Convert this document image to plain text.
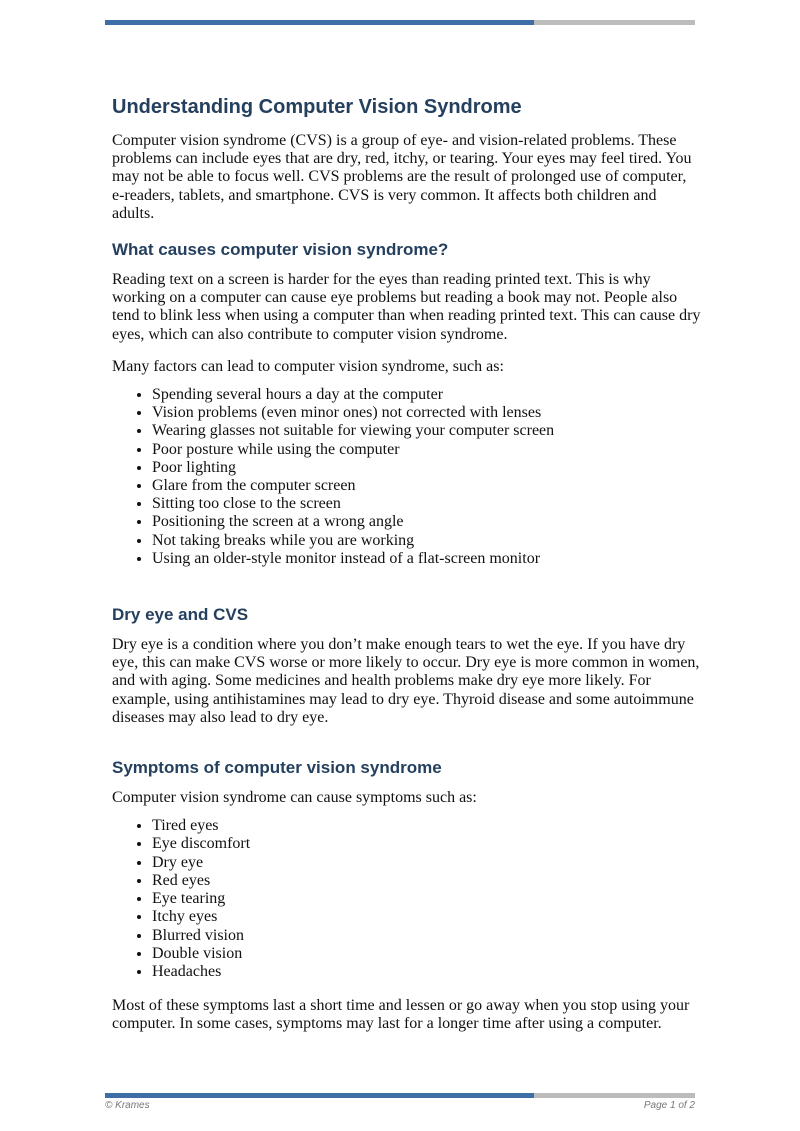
Understanding Computer Vision Syndrome

Computer vision syndrome (CVS) is a group of eye- and vision-related problems. These problems can include eyes that are dry, red, itchy, or tearing. Your eyes may feel tired. You may not be able to focus well. CVS problems are the result of prolonged use of computer, e-readers, tablets, and smartphone. CVS is very common. It affects both children and adults.

What causes computer vision syndrome?

Reading text on a screen is harder for the eyes than reading printed text. This is why working on a computer can cause eye problems but reading a book may not. People also tend to blink less when using a computer than when reading printed text. This can cause dry eyes, which can also contribute to computer vision syndrome.

Many factors can lead to computer vision syndrome, such as:

• Spending several hours a day at the computer
• Vision problems (even minor ones) not corrected with lenses
• Wearing glasses not suitable for viewing your computer screen
• Poor posture while using the computer
• Poor lighting
• Glare from the computer screen
• Sitting too close to the screen
• Positioning the screen at a wrong angle
• Not taking breaks while you are working
• Using an older-style monitor instead of a flat-screen monitor
Dry eye and CVS

Dry eye is a condition where you don’t make enough tears to wet the eye. If you have dry eye, this can make CVS worse or more likely to occur. Dry eye is more common in women, and with aging. Some medicines and health problems make dry eye more likely. For example, using antihistamines may lead to dry eye. Thyroid disease and some autoimmune diseases may also lead to dry eye.

Symptoms of computer vision syndrome

Computer vision syndrome can cause symptoms such as:

• Tired eyes
• Eye discomfort
• Dry eye
• Red eyes
• Eye tearing
• Itchy eyes
• Blurred vision
• Double vision
• Headaches

Most of these symptoms last a short time and lessen or go away when you stop using your computer. In some cases, symptoms may last for a longer time after using a computer.

© Krames	Page 1 of 2
